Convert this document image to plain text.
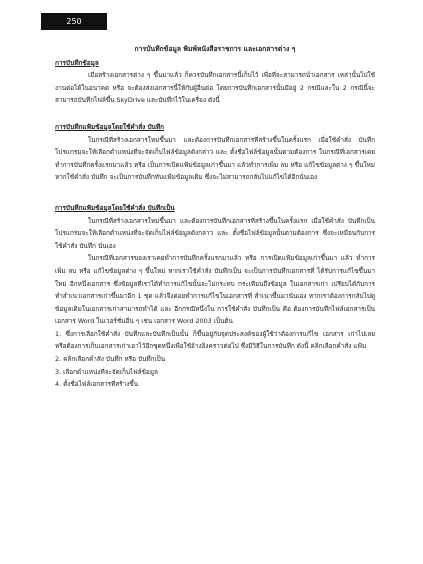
250

การบันทึกข้อมูล พิมพ์หนังสือราชการ และเอกสารต่าง ๆ

การบันทึกข้อมูล

เมื่อสร้างเอกสารต่าง ๆ ขึ้นมาแล้ว ก็ควรบันทึกเอกสารนี้เก็บไว้ เพื่อที่จะสามารถนำเอกสาร เหล่านั้นไปใช้งานต่อได้ในอนาคต หรือ จะต้องส่งเอกสารนี้ให้กับผู้อื่นต่อ โดยการบันทึกเอกสารนั้นมีอยู่ 2 กรณีและใน 2 กรณีนี้จะสามารถบันทึกไฟล์ขึ้น SkyDrive และบันทึกไว้ในเครื่อง ดังนี้

การบันทึกแฟ้มข้อมูลโดยใช้คำสั่ง บันทึก

ในกรณีที่สร้างเอกสารใหม่ขึ้นมา และต้องการบันทึกเอกสารที่สร้างขึ้นในครั้งแรก เมื่อใช้คำสั่ง บันทึก โปรแกรมจะให้เลือกตำแหน่งที่จะจัดเก็บไฟล์ข้อมูลดังกล่าว และ ตั้งชื่อไฟล์ข้อมูลนั้นตามต้องการ ในกรณีที่เอกสารเคยทำการบันทึกครั้งแรกมาแล้ว หรือ เป็นการเปิดแฟ้มข้อมูลเก่าขึ้นมา แล้วทำการเพิ่ม ลบ หรือ แก้ไขข้อมูลต่าง ๆ ขึ้นใหม่ หากใช้คำสั่ง บันทึก จะเป็นการบันทึกทับแฟ้มข้อมูลเดิม ซึ่งจะไม่สามารถกลับไปแก้ไขได้อีกนั่นเอง

การบันทึกแฟ้มข้อมูลโดยใช้คำสั่ง บันทึกเป็น

ในกรณีที่สร้างเอกสารใหม่ขึ้นมา และต้องการบันทึกเอกสารที่สร้างขึ้นในครั้งแรก เมื่อใช้คำสั่ง บันทึกเป็น โปรแกรมจะให้เลือกตำแหน่งที่จะจัดเก็บไฟล์ข้อมูลดังกล่าว และ ตั้งชื่อไฟล์ข้อมูลนั้นตามต้องการ ซึ่งจะเหมือนกับการใช้คำสั่ง บันทึก นั่นเอง

ในกรณีที่เอกสารของเราเคยทำการบันทึกครั้งแรกมาแล้ว หรือ การเปิดแฟ้มข้อมูลเก่าขึ้นมา แล้ว ทำการเพิ่ม ลบ หรือ แก้ไขข้อมูลต่าง ๆ ขึ้นใหม่ หากเราใช้คำสั่ง บันทึกเป็น จะเป็นการบันทึกเอกสารที่ ได้รับการแก้ไขขึ้นมาใหม่ อีกหนึ่งเอกสาร ซึ่งข้อมูลที่เราได้ทำการแก้ไขนั้นจะไม่กระทบ กระเทือนถึงข้อมูล ในเอกสารเก่า เปรียบได้กับการทำสำเนาเอกสารเก่าขึ้นมาอีก 1 ชุด แล้วจึงค่อยทำการแก้ไขในเอกสารที่ สำเนาขึ้นมานั่นเอง หากเราต้องการกลับไปดูข้อมูลเดิมในเอกสารเก่าสามารถทำได้ และ อีกกรณีหนึ่งใน การใช้คำสั่ง บันทึกเป็น คือ ต้องการบันทึกไฟล์เอกสารเป็นเอกสาร Word ในเวอร์ชั่นอื่น ๆ เช่น เอกสาร Word 2003 เป็นต้น

1. ซึ่งการเลือกใช้คำสั่ง บันทึกและบันทึกเป็นนั้น ก็ขึ้นอยู่กับจุดประสงค์ของผู้ใช้ว่าต้องการแก้ไข เอกสาร เก่าไปเลย หรือต้องการเก็บเอกสารเก่าเอาไว้อีกชุดหนึ่งเพื่อใช้อ้างอิงคราวต่อไป ซึ่งมีวิธีในการบันทึก ดังนี้ คลิกเลือกคำสั่ง แฟ้ม

2. คลิกเลือกคำสั่ง บันทึก หรือ บันทึกเป็น

3. เลือกตำแหน่งที่จะจัดเก็บไฟล์ข้อมูล

4. ตั้งชื่อไฟล์เอกสารที่สร้างขึ้น
